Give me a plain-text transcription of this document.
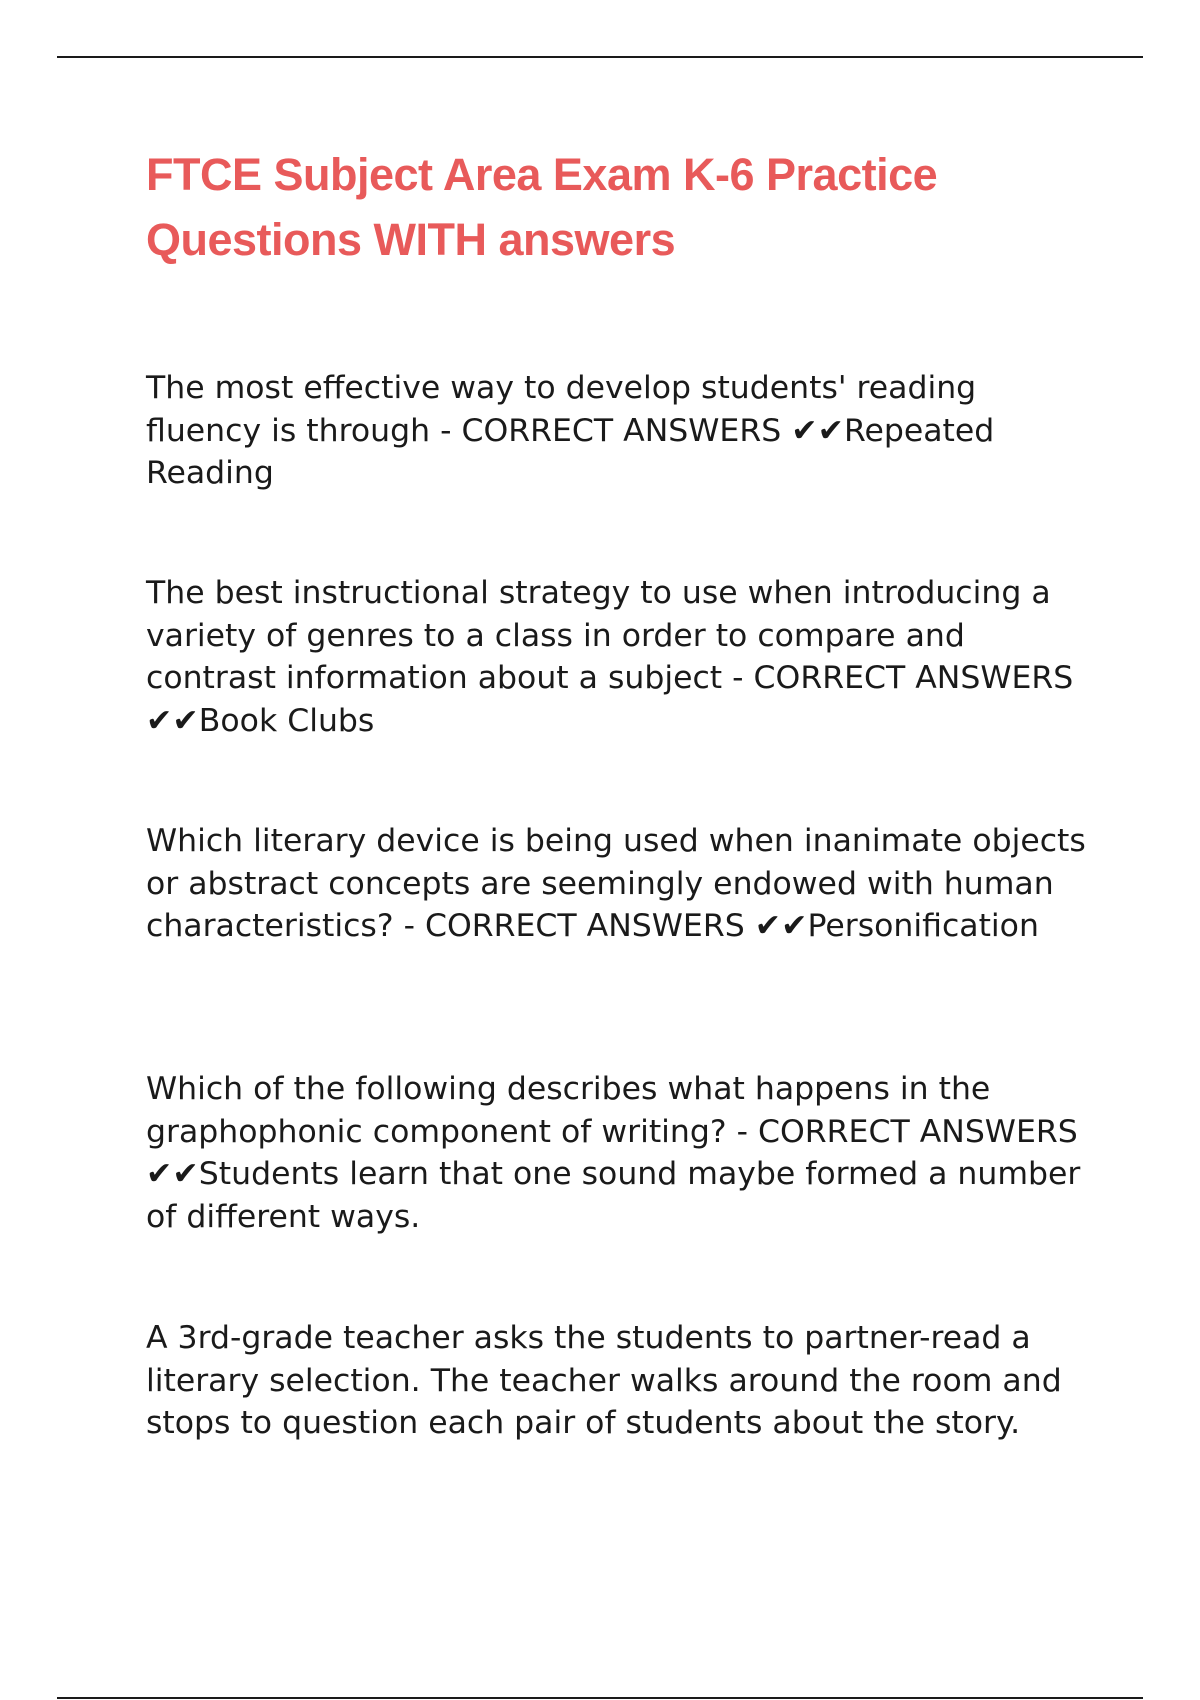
FTCE Subject Area Exam K-6 Practice Questions WITH answers

The most effective way to develop students' reading fluency is through - CORRECT ANSWERS ✔✔Repeated Reading

The best instructional strategy to use when introducing a variety of genres to a class in order to compare and contrast information about a subject - CORRECT ANSWERS ✔✔Book Clubs

Which literary device is being used when inanimate objects or abstract concepts are seemingly endowed with human characteristics? - CORRECT ANSWERS ✔✔Personification

Which of the following describes what happens in the graphophonic component of writing? - CORRECT ANSWERS ✔✔Students learn that one sound maybe formed a number of different ways.

A 3rd-grade teacher asks the students to partner-read a literary selection. The teacher walks around the room and stops to question each pair of students about the story.
